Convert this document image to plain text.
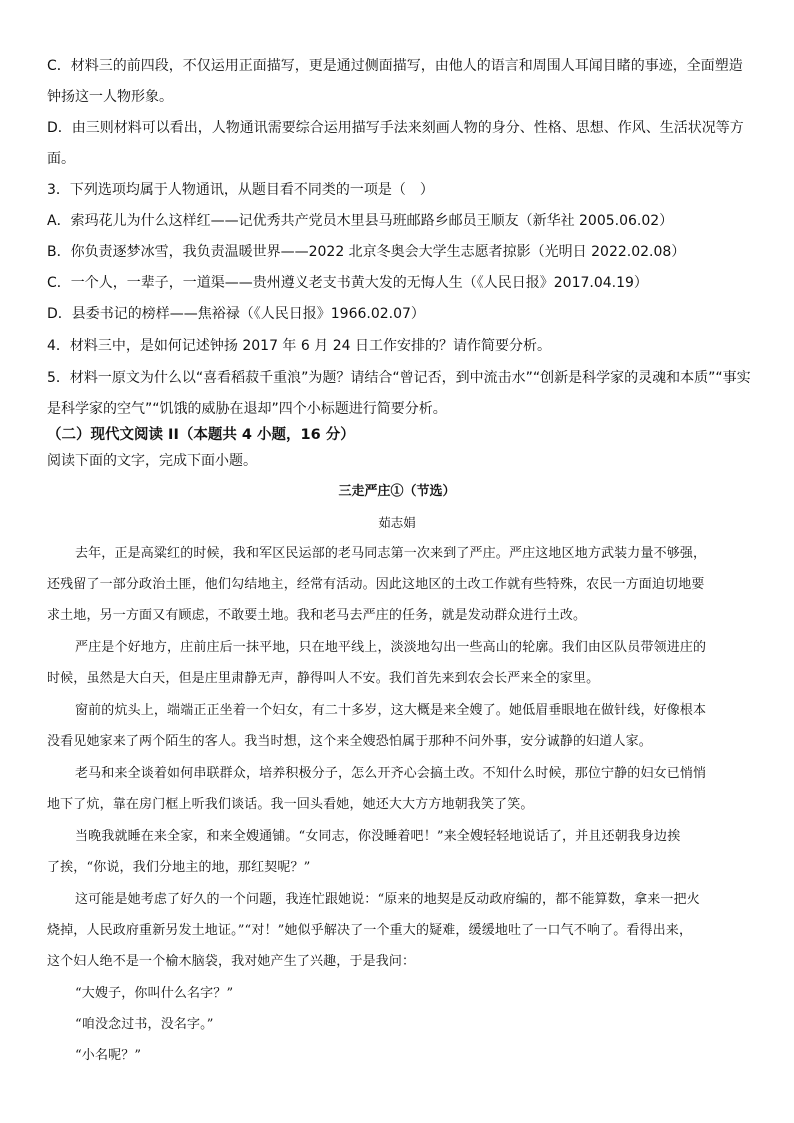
C．材料三的前四段，不仅运用正面描写，更是通过侧面描写，由他人的语言和周围人耳闻目睹的事迹，全面塑造
钟扬这一人物形象。
D．由三则材料可以看出，人物通讯需要综合运用描写手法来刻画人物的身分、性格、思想、作风、生活状况等方
面。
3．下列选项均属于人物通讯，从题目看不同类的一项是（　）
A．索玛花儿为什么这样红——记优秀共产党员木里县马班邮路乡邮员王顺友（新华社 2005.06.02）
B．你负责逐梦冰雪，我负责温暖世界——2022 北京冬奥会大学生志愿者掠影（光明日 2022.02.08）
C．一个人，一辈子，一道渠——贵州遵义老支书黄大发的无悔人生（《人民日报》2017.04.19）
D．县委书记的榜样——焦裕禄（《人民日报》1966.02.07）
4．材料三中，是如何记述钟扬 2017 年 6 月 24 日工作安排的？请作简要分析。
5．材料一原文为什么以“喜看稻菽千重浪”为题？请结合“曾记否，到中流击水”“创新是科学家的灵魂和本质”“事实
是科学家的空气”“饥饿的威胁在退却”四个小标题进行简要分析。
（二）现代文阅读 II（本题共 4 小题，16 分）
阅读下面的文字，完成下面小题。
三走严庄①（节选）
茹志娟
去年，正是高粱红的时候，我和军区民运部的老马同志第一次来到了严庄。严庄这地区地方武装力量不够强，
还残留了一部分政治土匪，他们勾结地主，经常有活动。因此这地区的土改工作就有些特殊，农民一方面迫切地要
求土地，另一方面又有顾虑，不敢要土地。我和老马去严庄的任务，就是发动群众进行土改。
严庄是个好地方，庄前庄后一抹平地，只在地平线上，淡淡地勾出一些高山的轮廓。我们由区队员带领进庄的
时候，虽然是大白天，但是庄里肃静无声，静得叫人不安。我们首先来到农会长严来全的家里。
窗前的炕头上，端端正正坐着一个妇女，有二十多岁，这大概是来全嫂了。她低眉垂眼地在做针线，好像根本
没看见她家来了两个陌生的客人。我当时想，这个来全嫂恐怕属于那种不问外事，安分诚静的妇道人家。
老马和来全谈着如何串联群众，培养积极分子，怎么开齐心会搞土改。不知什么时候，那位宁静的妇女已悄悄
地下了炕，靠在房门框上听我们谈话。我一回头看她，她还大大方方地朝我笑了笑。
当晚我就睡在来全家，和来全嫂通铺。“女同志，你没睡着吧！”来全嫂轻轻地说话了，并且还朝我身边挨
了挨，“你说，我们分地主的地，那红契呢？”
这可能是她考虑了好久的一个问题，我连忙跟她说：“原来的地契是反动政府编的，都不能算数，拿来一把火
烧掉，人民政府重新另发土地证。”“对！”她似乎解决了一个重大的疑难，缓缓地吐了一口气不响了。看得出来，
这个妇人绝不是一个榆木脑袋，我对她产生了兴趣，于是我问：
“大嫂子，你叫什么名字？”
“咱没念过书，没名字。”
“小名呢？”
